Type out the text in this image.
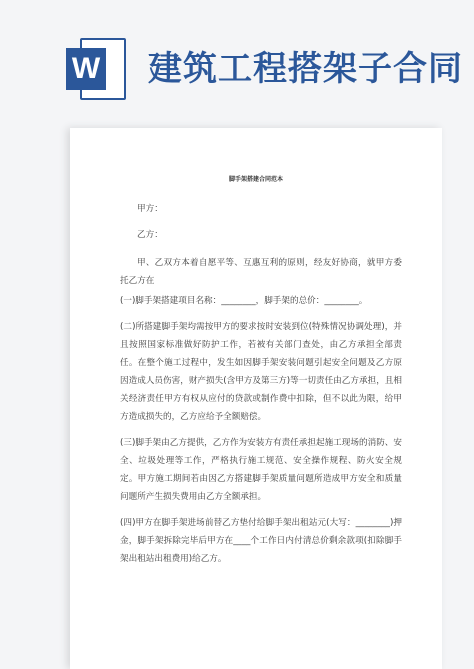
W 建筑工程搭架子合同
脚手架搭建合同范本

甲方：

乙方：

甲、乙双方本着自愿平等、互惠互利的原则，经友好协商，就甲方委托乙方在

(一)脚手架搭建项目名称：________，脚手架的总价：________。

(二)所搭建脚手架均需按甲方的要求按时安装到位(特殊情况协调处理)，并且按照国家标准做好防护工作，若被有关部门查处，由乙方承担全部责任。在整个施工过程中，发生如因脚手架安装问题引起安全问题及乙方原因造成人员伤害，财产损失(含甲方及第三方)等一切责任由乙方承担，且相关经济责任甲方有权从应付的贷款或制作费中扣除，但不以此为限，给甲方造成损失的，乙方应给予全额赔偿。

(三)脚手架由乙方提供，乙方作为安装方有责任承担起施工现场的消防、安全、垃圾处理等工作，严格执行施工规范、安全操作规程、防火安全规定。甲方施工期间若由因乙方搭建脚手架质量问题所造成甲方安全和质量问题所产生损失费用由乙方全额承担。

(四)甲方在脚手架进场前替乙方垫付给脚手架出租站元(大写：________)押金，脚手架拆除完毕后甲方在____个工作日内付清总价剩余款项(扣除脚手架出租站出租费用)给乙方。
